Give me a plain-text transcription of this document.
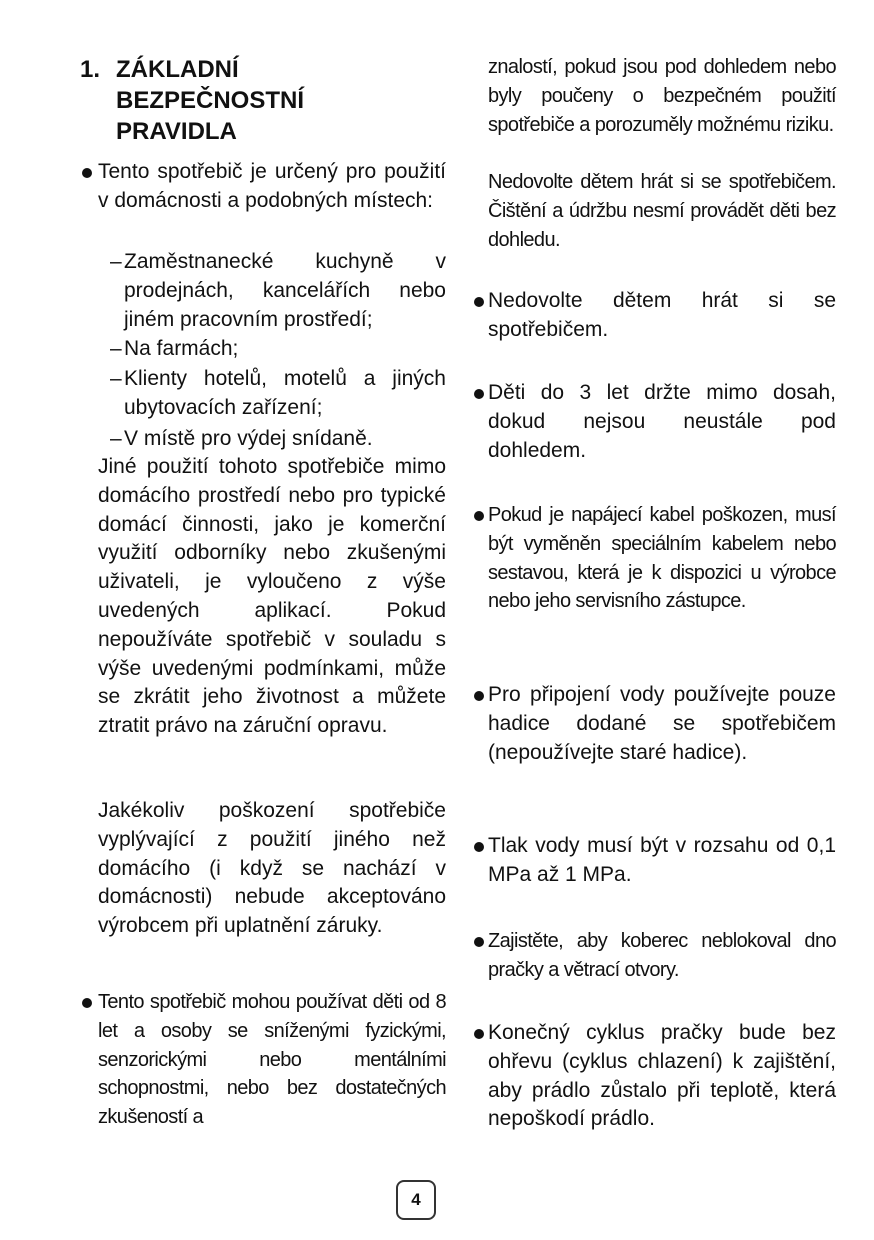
1. ZÁKLADNÍ
BEZPEČNOSTNÍ
PRAVIDLA
Tento spotřebič je určený pro použití v domácnosti a podobných místech:
– Zaměstnanecké kuchyně v prodejnách, kancelářích nebo jiném pracovním prostředí;
– Na farmách;
– Klienty hotelů, motelů a jiných ubytovacích zařízení;
– V místě pro výdej snídaně.
Jiné použití tohoto spotřebiče mimo domácího prostředí nebo pro typické domácí činnosti, jako je komerční využití odborníky nebo zkušenými uživateli, je vyloučeno z výše uvedených aplikací. Pokud nepoužíváte spotřebič v souladu s výše uvedenými podmínkami, může se zkrátit jeho životnost a můžete ztratit právo na záruční opravu.
Jakékoliv poškození spotřebiče vyplývající z použití jiného než domácího (i když se nachází v domácnosti) nebude akceptováno výrobcem při uplatnění záruky.
Tento spotřebič mohou používat děti od 8 let a osoby se sníženými fyzickými, senzorickými nebo mentálními schopnostmi, nebo bez dostatečných zkušeností a
znalostí, pokud jsou pod dohledem nebo byly poučeny o bezpečném použití spotřebiče a porozuměly možnému riziku.
Nedovolte dětem hrát si se spotřebičem. Čištění a údržbu nesmí provádět děti bez dohledu.
Nedovolte dětem hrát si se spotřebičem.
Děti do 3 let držte mimo dosah, dokud nejsou neustále pod dohledem.
Pokud je napájecí kabel poškozen, musí být vyměněn speciálním kabelem nebo sestavou, která je k dispozici u výrobce nebo jeho servisního zástupce.
Pro připojení vody používejte pouze hadice dodané se spotřebičem (nepoužívejte staré hadice).
Tlak vody musí být v rozsahu od 0,1 MPa až 1 MPa.
Zajistěte, aby koberec neblokoval dno pračky a větrací otvory.
Konečný cyklus pračky bude bez ohřevu (cyklus chlazení) k zajištění, aby prádlo zůstalo při teplotě, která nepoškodí prádlo.
4
